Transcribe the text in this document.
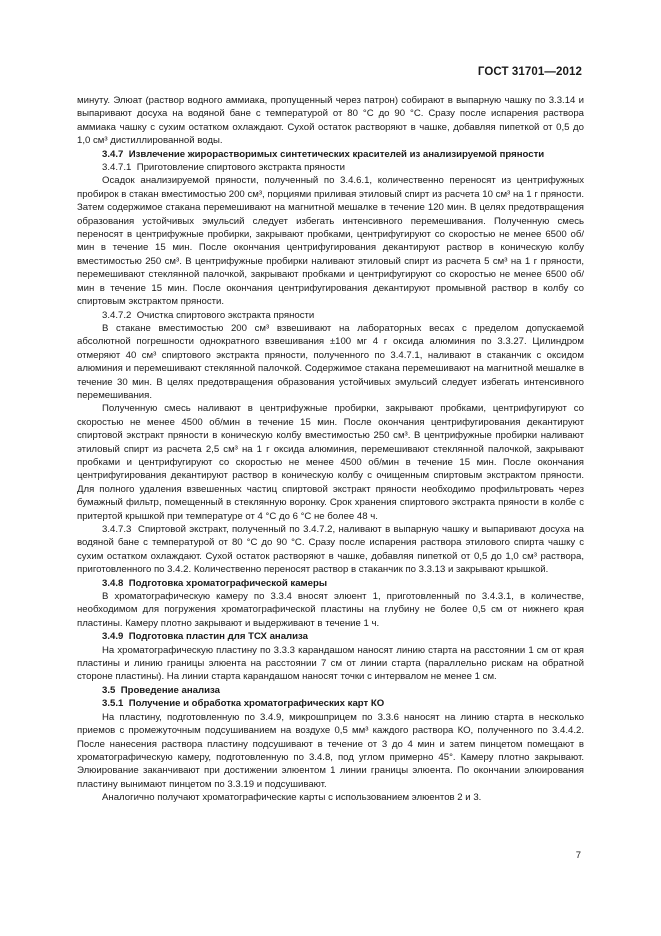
ГОСТ 31701—2012

минуту. Элюат (раствор водного аммиака, пропущенный через патрон) собирают в выпарную чашку по 3.3.14 и выпаривают досуха на водяной бане с температурой от 80 °С до 90 °С. Сразу после испарения раствора аммиака чашку с сухим остатком охлаждают. Сухой остаток растворяют в чашке, добавляя пипеткой от 0,5 до 1,0 см³ дистиллированной воды.

3.4.7 Извлечение жирорастворимых синтетических красителей из анализируемой пряности

3.4.7.1 Приготовление спиртового экстракта пряности

Осадок анализируемой пряности, полученный по 3.4.6.1, количественно переносят из центрифужных пробирок в стакан вместимостью 200 см³, порциями приливая этиловый спирт из расчета 10 см³ на 1 г пряности. Затем содержимое стакана перемешивают на магнитной мешалке в течение 120 мин. В целях предотвращения образования устойчивых эмульсий следует избегать интенсивного перемешивания. Полученную смесь переносят в центрифужные пробирки, закрывают пробками, центрифугируют со скоростью не менее 6500 об/мин в течение 15 мин. После окончания центрифугирования декантируют раствор в коническую колбу вместимостью 250 см³. В центрифужные пробирки наливают этиловый спирт из расчета 5 см³ на 1 г пряности, перемешивают стеклянной палочкой, закрывают пробками и центрифугируют со скоростью не менее 6500 об/мин в течение 15 мин. После окончания центрифугирования декантируют промывной раствор в колбу со спиртовым экстрактом пряности.

3.4.7.2 Очистка спиртового экстракта пряности

В стакане вместимостью 200 см³ взвешивают на лабораторных весах с пределом допускаемой абсолютной погрешности однократного взвешивания ±100 мг 4 г оксида алюминия по 3.3.27. Цилиндром отмеряют 40 см³ спиртового экстракта пряности, полученного по 3.4.7.1, наливают в стаканчик с оксидом алюминия и перемешивают стеклянной палочкой. Содержимое стакана перемешивают на магнитной мешалке в течение 30 мин. В целях предотвращения образования устойчивых эмульсий следует избегать интенсивного перемешивания.

Полученную смесь наливают в центрифужные пробирки, закрывают пробками, центрифугируют со скоростью не менее 4500 об/мин в течение 15 мин. После окончания центрифугирования декантируют спиртовой экстракт пряности в коническую колбу вместимостью 250 см³. В центрифужные пробирки наливают этиловый спирт из расчета 2,5 см³ на 1 г оксида алюминия, перемешивают стеклянной палочкой, закрывают пробками и центрифугируют со скоростью не менее 4500 об/мин в течение 15 мин. После окончания центрифугирования декантируют раствор в коническую колбу с очищенным спиртовым экстрактом пряности. Для полного удаления взвешенных частиц спиртовой экстракт пряности необходимо профильтровать через бумажный фильтр, помещенный в стеклянную воронку. Срок хранения спиртового экстракта пряности в колбе с притертой крышкой при температуре от 4 °С до 6 °С не более 48 ч.

3.4.7.3 Спиртовой экстракт, полученный по 3.4.7.2, наливают в выпарную чашку и выпаривают досуха на водяной бане с температурой от 80 °С до 90 °С. Сразу после испарения раствора этилового спирта чашку с сухим остатком охлаждают. Сухой остаток растворяют в чашке, добавляя пипеткой от 0,5 до 1,0 см³ раствора, приготовленного по 3.4.2. Количественно переносят раствор в стаканчик по 3.3.13 и закрывают крышкой.

3.4.8 Подготовка хроматографической камеры

В хроматографическую камеру по 3.3.4 вносят элюент 1, приготовленный по 3.4.3.1, в количестве, необходимом для погружения хроматографической пластины на глубину не более 0,5 см от нижнего края пластины. Камеру плотно закрывают и выдерживают в течение 1 ч.

3.4.9 Подготовка пластин для ТСХ анализа

На хроматографическую пластину по 3.3.3 карандашом наносят линию старта на расстоянии 1 см от края пластины и линию границы элюента на расстоянии 7 см от линии старта (параллельно рискам на обратной стороне пластины). На линии старта карандашом наносят точки с интервалом не менее 1 см.

3.5 Проведение анализа

3.5.1 Получение и обработка хроматографических карт КО

На пластину, подготовленную по 3.4.9, микрошприцем по 3.3.6 наносят на линию старта в несколько приемов с промежуточным подсушиванием на воздухе 0,5 мм³ каждого раствора КО, полученного по 3.4.4.2. После нанесения раствора пластину подсушивают в течение от 3 до 4 мин и затем пинцетом помещают в хроматографическую камеру, подготовленную по 3.4.8, под углом примерно 45°. Камеру плотно закрывают. Элюирование заканчивают при достижении элюентом 1 линии границы элюента. По окончании элюирования пластину вынимают пинцетом по 3.3.19 и подсушивают.

Аналогично получают хроматографические карты с использованием элюентов 2 и 3.

7
